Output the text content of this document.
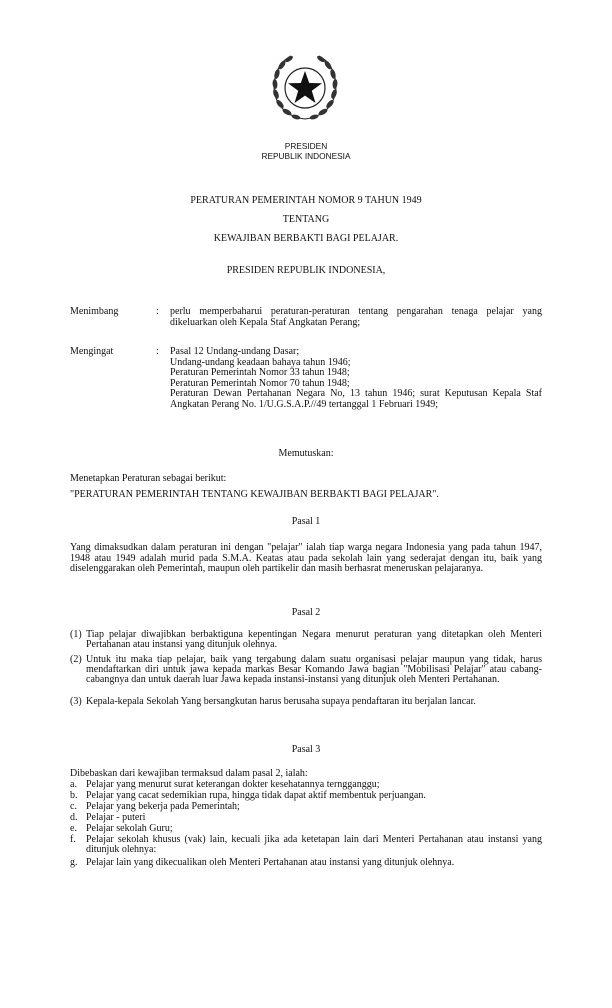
PRESIDEN
REPUBLIK INDONESIA
PERATURAN PEMERINTAH NOMOR 9 TAHUN 1949
TENTANG
KEWAJIBAN BERBAKTI BAGI PELAJAR.
PRESIDEN REPUBLIK INDONESIA,
Menimbang	: perlu memperbaharui peraturan-peraturan tentang pengarahan tenaga pelajar yang dikeluarkan oleh Kepala Staf Angkatan Perang;
Mengingat	: Pasal 12 Undang-undang Dasar;
Undang-undang keadaan bahaya tahun 1946;
Peraturan Pemerintah Nomor 33 tahun 1948;
Peraturan Pemerintah Nomor 70 tahun 1948;
Peraturan Dewan Pertahanan Negara No, 13 tahun 1946; surat Keputusan Kepala Staf Angkatan Perang No. 1/U.G.S.A.P.//49 tertanggal 1 Februari 1949;
Memutuskan:
Menetapkan Peraturan sebagai berikut:
"PERATURAN PEMERINTAH TENTANG KEWAJIBAN BERBAKTI BAGI PELAJAR".
Pasal 1
Yang dimaksudkan dalam peraturan ini dengan "pelajar" ialah tiap warga negara Indonesia yang pada tahun 1947, 1948 atau 1949 adalah murid pada S.M.A. Keatas atau pada sekolah lain yang sederajat dengan itu, baik yang diselenggarakan oleh Pemerintah, maupun oleh partikelir dan masih berhasrat meneruskan pelajaranya.
Pasal 2
(1) Tiap pelajar diwajibkan berbaktiguna kepentingan Negara menurut peraturan yang ditetapkan oleh Menteri Pertahanan atau instansi yang ditunjuk olehnya.
(2) Untuk itu maka tiap pelajar, baik yang tergabung dalam suatu organisasi pelajar maupun yang tidak, harus mendaftarkan diri untuk jawa kepada markas Besar Komando Jawa bagian "Mobilisasi Pelajar" atau cabang-cabangnya dan untuk daerah luar Jawa kepada instansi-instansi yang ditunjuk oleh Menteri Pertahanan.
(3) Kepala-kepala Sekolah Yang bersangkutan harus berusaha supaya pendaftaran itu berjalan lancar.
Pasal 3
Dibebaskan dari kewajiban termaksud dalam pasal 2, ialah:
a. Pelajar yang menurut surat keterangan dokter kesehatannya terngganggu;
b. Pelajar yang cacat sedemikian rupa, hingga tidak dapat aktif membentuk perjuangan.
c. Pelajar yang bekerja pada Pemerintah;
d. Pelajar - puteri
e. Pelajar sekolah Guru;
f. Pelajar sekolah khusus (vak) lain, kecuali jika ada ketetapan lain dari Menteri Pertahanan atau instansi yang ditunjuk olehnya:
g. Pelajar lain yang dikecualikan oleh Menteri Pertahanan atau instansi yang ditunjuk olehnya.
